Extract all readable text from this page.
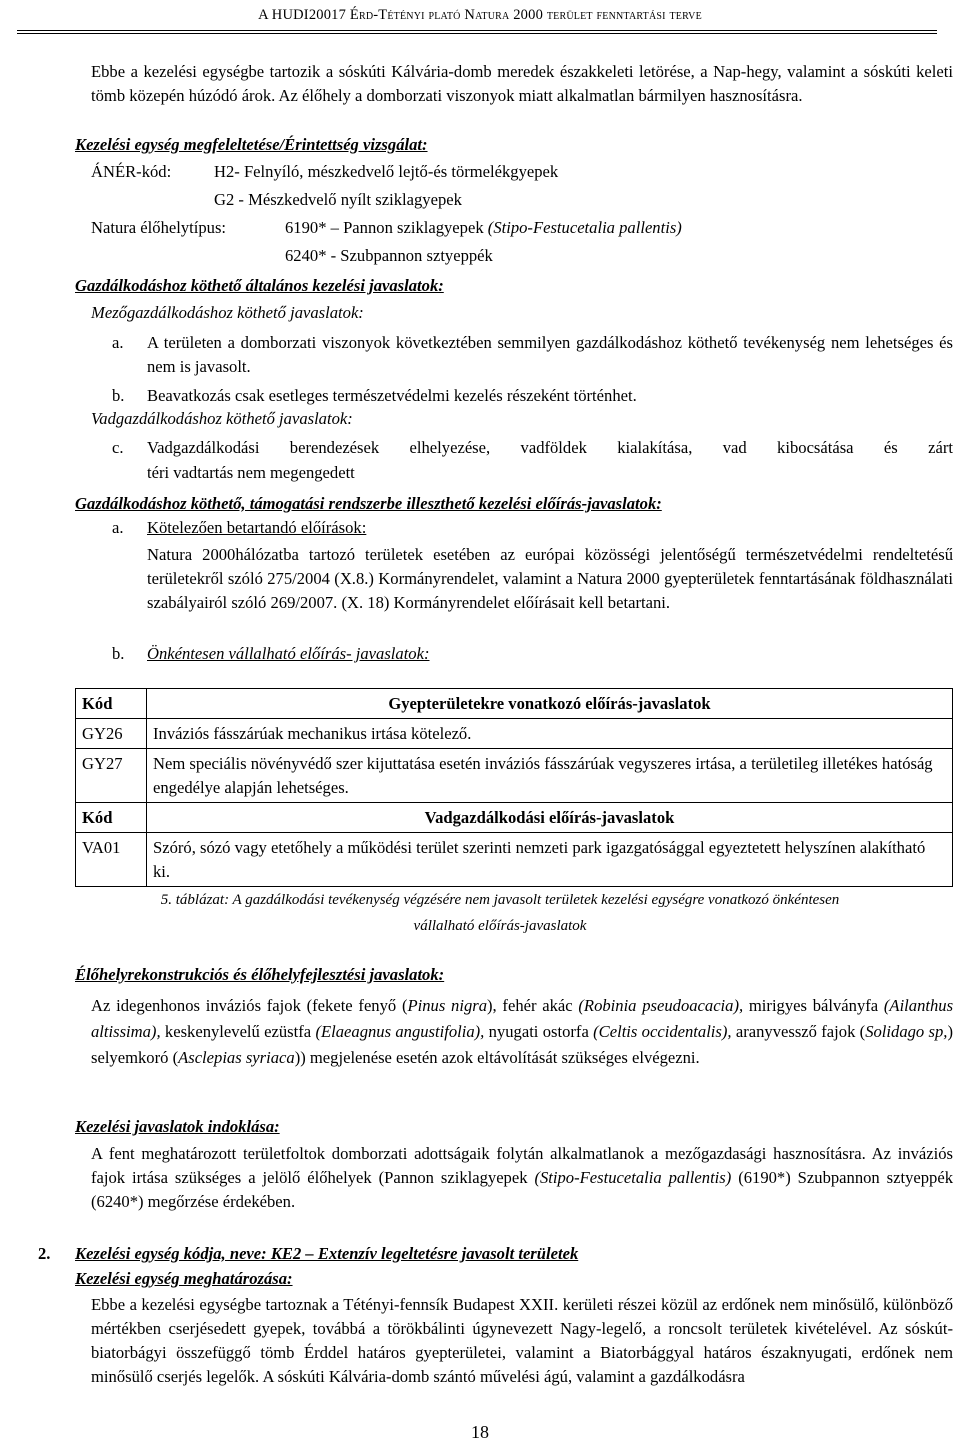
A HUDI20017 Érd-Tétényi plató Natura 2000 terület fenntartási terve
Ebbe a kezelési egységbe tartozik a sóskúti Kálvária-domb meredek északkeleti letörése, a Nap-hegy, valamint a sóskúti keleti tömb közepén húzódó árok. Az élőhely a domborzati viszonyok miatt alkalmatlan bármilyen hasznosításra.
Kezelési egység megfeleltetése/Érintettség vizsgálat:
ÁNÉR-kód:	H2- Felnyíló, mészkedvelő lejtő-és törmelékgyepek
G2 - Mészkedvelő nyílt sziklagyepek
Natura élőhelytípus:	6190* – Pannon sziklagyepek (Stipo-Festucetalia pallentis)
6240* - Szubpannon sztyeppék
Gazdálkodáshoz köthető általános kezelési javaslatok:
Mezőgazdálkodáshoz köthető javaslatok:
a. A területen a domborzati viszonyok következtében semmilyen gazdálkodáshoz köthető tevékenység nem lehetséges és nem is javasolt.
b. Beavatkozás csak esetleges természetvédelmi kezelés részeként történhet.
Vadgazdálkodáshoz köthető javaslatok:
c. Vadgazdálkodási berendezések elhelyezése, vadföldek kialakítása, vad kibocsátása és zárt
téri vadtartás nem megengedett
Gazdálkodáshoz köthető, támogatási rendszerbe illeszthető kezelési előírás-javaslatok:
a. Kötelezően betartandó előírások:
Natura 2000hálózatba tartozó területek esetében az európai közösségi jelentőségű természetvédelmi rendeltetésű területekről szóló 275/2004 (X.8.) Kormányrendelet, valamint a Natura 2000 gyepterületek fenntartásának földhasználati szabályairól szóló 269/2007. (X. 18) Kormányrendelet előírásait kell betartani.
b. Önkéntesen vállalható előírás- javaslatok:
Kód	Gyepterületekre vonatkozó előírás-javaslatok
GY26	Inváziós fásszárúak mechanikus irtása kötelező.
GY27	Nem speciális növényvédő szer kijuttatása esetén inváziós fásszárúak vegyszeres irtása, a területileg illetékes hatóság engedélye alapján lehetséges.
Kód	Vadgazdálkodási előírás-javaslatok
VA01	Szóró, sózó vagy etetőhely a működési terület szerinti nemzeti park igazgatósággal egyeztetett helyszínen alakítható ki.
5. táblázat: A gazdálkodási tevékenység végzésére nem javasolt területek kezelési egységre vonatkozó önkéntesen
vállalható előírás-javaslatok
Élőhelyrekonstrukciós és élőhelyfejlesztési javaslatok:
Az idegenhonos inváziós fajok (fekete fenyő (Pinus nigra), fehér akác (Robinia pseudoacacia), mirigyes bálványfa (Ailanthus altissima), keskenylevelű ezüstfa (Elaeagnus angustifolia), nyugati ostorfa (Celtis occidentalis), aranyvessző fajok (Solidago sp,) selyemkoró (Asclepias syriaca)) megjelenése esetén azok eltávolítását szükséges elvégezni.
Kezelési javaslatok indoklása:
A fent meghatározott területfoltok domborzati adottságaik folytán alkalmatlanok a mezőgazdasági hasznosításra. Az inváziós fajok irtása szükséges a jelölő élőhelyek (Pannon sziklagyepek (Stipo-Festucetalia pallentis) (6190*) Szubpannon sztyeppék (6240*) megőrzése érdekében.
2. Kezelési egység kódja, neve: KE2 – Extenzív legeltetésre javasolt területek
Kezelési egység meghatározása:
Ebbe a kezelési egységbe tartoznak a Tétényi-fennsík Budapest XXII. kerületi részei közül az erdőnek nem minősülő, különböző mértékben cserjésedett gyepek, továbbá a törökbálinti úgynevezett Nagy-legelő, a roncsolt területek kivételével. Az sóskút-biatorbágyi összefüggő tömb Érddel határos gyepterületei, valamint a Biatorbággyal határos északnyugati, erdőnek nem minősülő cserjés legelők. A sóskúti Kálvária-domb szántó művelési ágú, valamint a gazdálkodásra
18
